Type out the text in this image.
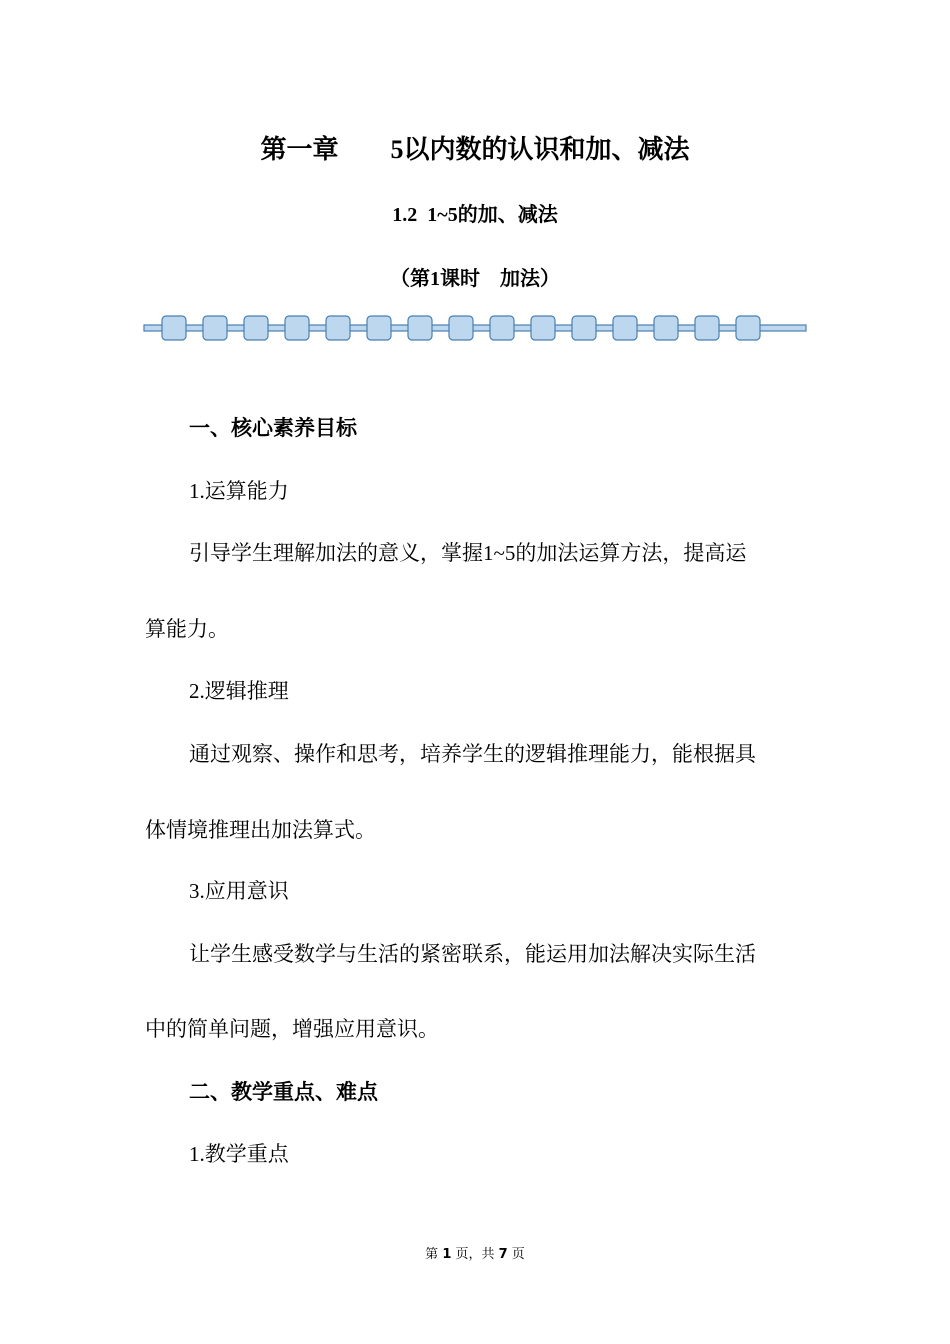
第一章　　5以内数的认识和加、减法
1.2  1~5的加、减法
（第1课时　加法）
一、核心素养目标
1.运算能力
引导学生理解加法的意义，掌握1~5的加法运算方法，提高运
算能力。
2.逻辑推理
通过观察、操作和思考，培养学生的逻辑推理能力，能根据具
体情境推理出加法算式。
3.应用意识
让学生感受数学与生活的紧密联系，能运用加法解决实际生活
中的简单问题，增强应用意识。
二、教学重点、难点
1.教学重点
第 1 页，共 7 页
